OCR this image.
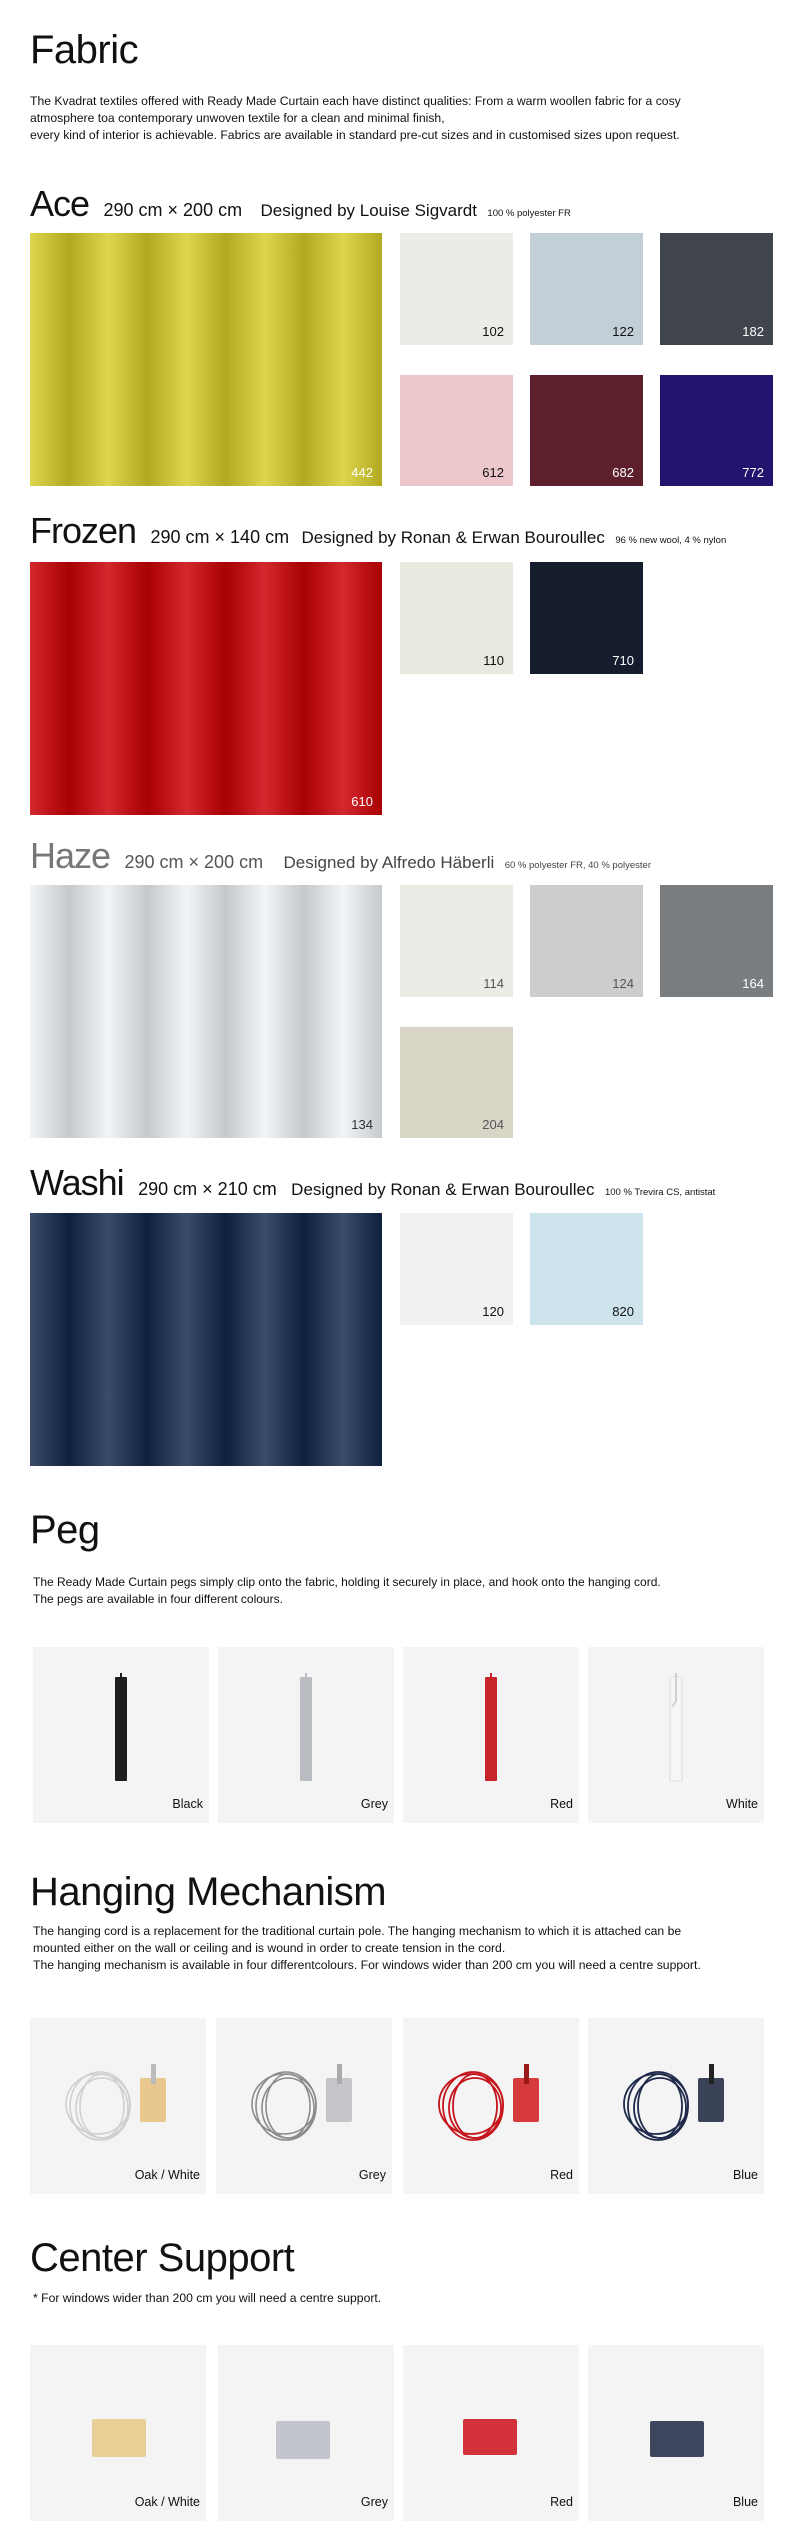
Fabric
The Kvadrat textiles offered with Ready Made Curtain each have distinct qualities: From a warm woollen fabric for a cosy
atmosphere toa contemporary unwoven textile for a clean and minimal finish,
every kind of interior is achievable. Fabrics are available in standard pre-cut sizes and in customised sizes upon request.
Ace 290 cm × 200 cm Designed by Louise Sigvardt 100 % polyester FR
442
102	122	182
612	682	772
Frozen 290 cm × 140 cm Designed by Ronan & Erwan Bouroullec 96 % new wool, 4 % nylon
610
110	710
Haze 290 cm × 200 cm Designed by Alfredo Häberli 60 % polyester FR, 40 % polyester
134
114	124	164
204
Washi 290 cm × 210 cm Designed by Ronan & Erwan Bouroullec 100 % Trevira CS, antistat
120	820
Peg
The Ready Made Curtain pegs simply clip onto the fabric, holding it securely in place, and hook onto the hanging cord.
The pegs are available in four different colours.
Black	Grey	Red	White
Hanging Mechanism
The hanging cord is a replacement for the traditional curtain pole. The hanging mechanism to which it is attached can be
mounted either on the wall or ceiling and is wound in order to create tension in the cord.
The hanging mechanism is available in four differentcolours. For windows wider than 200 cm you will need a centre support.
Oak / White	Grey	Red	Blue
Center Support
* For windows wider than 200 cm you will need a centre support.
Oak / White	Grey	Red	Blue
